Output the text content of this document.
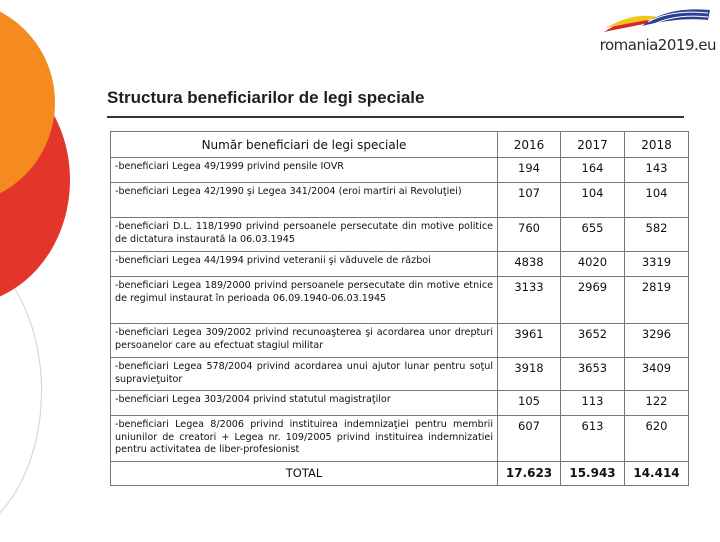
romania2019.eu
Structura beneficiarilor de legi speciale
Număr beneficiari de legi speciale	2016	2017	2018
-beneficiari Legea 49/1999 privind pensile IOVR	194	164	143
-beneficiari Legea 42/1990 şi Legea 341/2004 (eroi martiri ai Revoluţiei)	107	104	104
-beneficiari D.L. 118/1990 privind persoanele persecutate din motive politice de dictatura instaurată la 06.03.1945	760	655	582
-beneficiari Legea 44/1994 privind veteranii şi văduvele de război	4838	4020	3319
-beneficiari Legea 189/2000 privind persoanele persecutate din motive etnice de regimul instaurat în perioada 06.09.1940-06.03.1945	3133	2969	2819
-beneficiari Legea 309/2002 privind recunoaşterea şi acordarea unor drepturi persoanelor care au efectuat stagiul militar	3961	3652	3296
-beneficiari Legea 578/2004 privind acordarea unui ajutor lunar pentru soţul supravieţuitor	3918	3653	3409
-beneficiari Legea 303/2004 privind statutul magistraţilor	105	113	122
-beneficiari Legea 8/2006 privind instituirea indemnizaţiei pentru membrii uniunilor de creatori + Legea nr. 109/2005 privind instituirea indemnizatiei pentru activitatea de liber-profesionist	607	613	620
TOTAL	17.623	15.943	14.414
